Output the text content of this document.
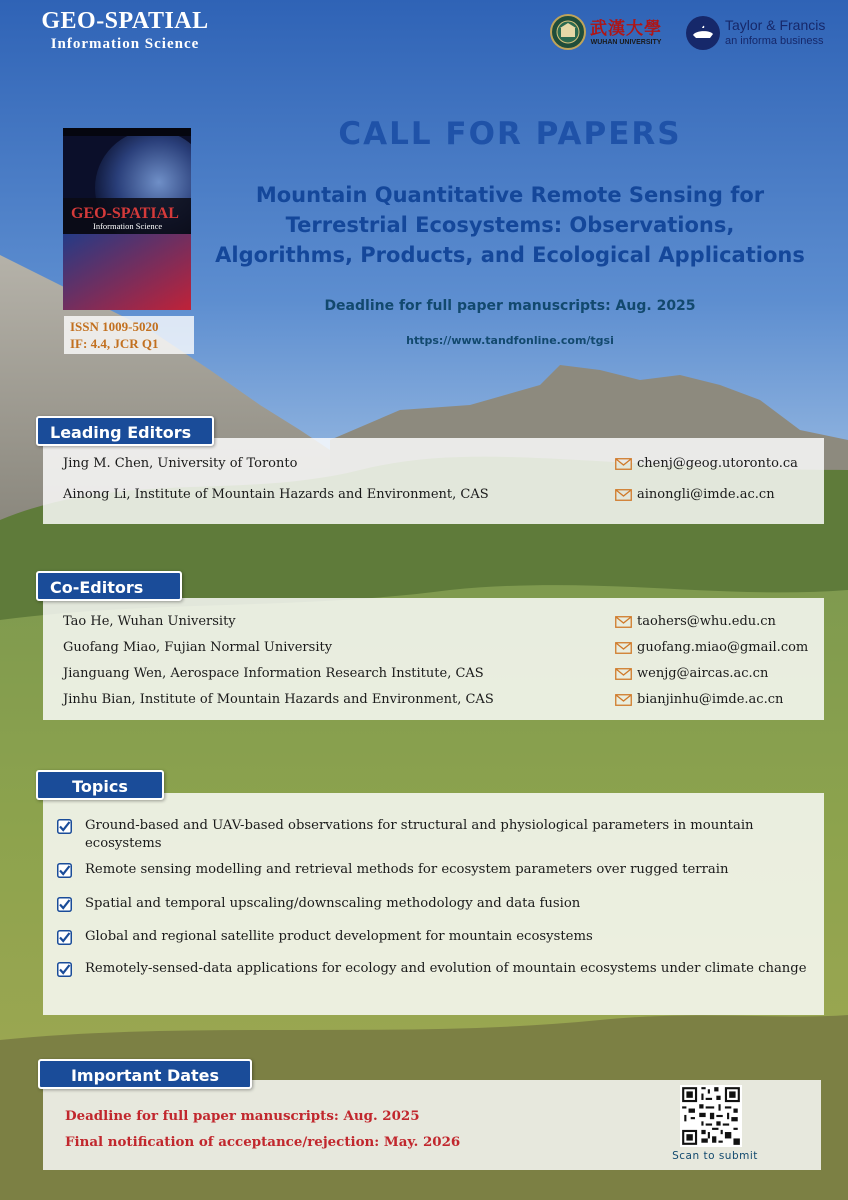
GEO-SPATIAL
Information Science
武漢大學
WUHAN UNIVERSITY
Taylor & Francis
an informa business
GEO-SPATIAL
Information Science
ISSN 1009-5020
IF: 4.4, JCR Q1
CALL FOR PAPERS
Mountain Quantitative Remote Sensing for
Terrestrial Ecosystems: Observations,
Algorithms, Products, and Ecological Applications
Deadline for full paper manuscripts: Aug. 2025
https://www.tandfonline.com/tgsi
Jing M. Chen, University of Toronto	chenj@geog.utoronto.ca
Ainong Li, Institute of Mountain Hazards and Environment, CAS	ainongli@imde.ac.cn
Leading Editors
Tao He, Wuhan University	taohers@whu.edu.cn
Guofang Miao, Fujian Normal University	guofang.miao@gmail.com
Jianguang Wen, Aerospace Information Research Institute, CAS	wenjg@aircas.ac.cn
Jinhu Bian, Institute of Mountain Hazards and Environment, CAS	bianjinhu@imde.ac.cn
Co-Editors
Ground-based and UAV-based observations for structural and physiological parameters in mountain ecosystems
Remote sensing modelling and retrieval methods for ecosystem parameters over rugged terrain
Spatial and temporal upscaling/downscaling methodology and data fusion
Global and regional satellite product development for mountain ecosystems
Remotely-sensed-data applications for ecology and evolution of mountain ecosystems under climate change
Topics
Deadline for full paper manuscripts: Aug. 2025
Final notification of acceptance/rejection: May. 2026
Scan to submit
Important Dates
